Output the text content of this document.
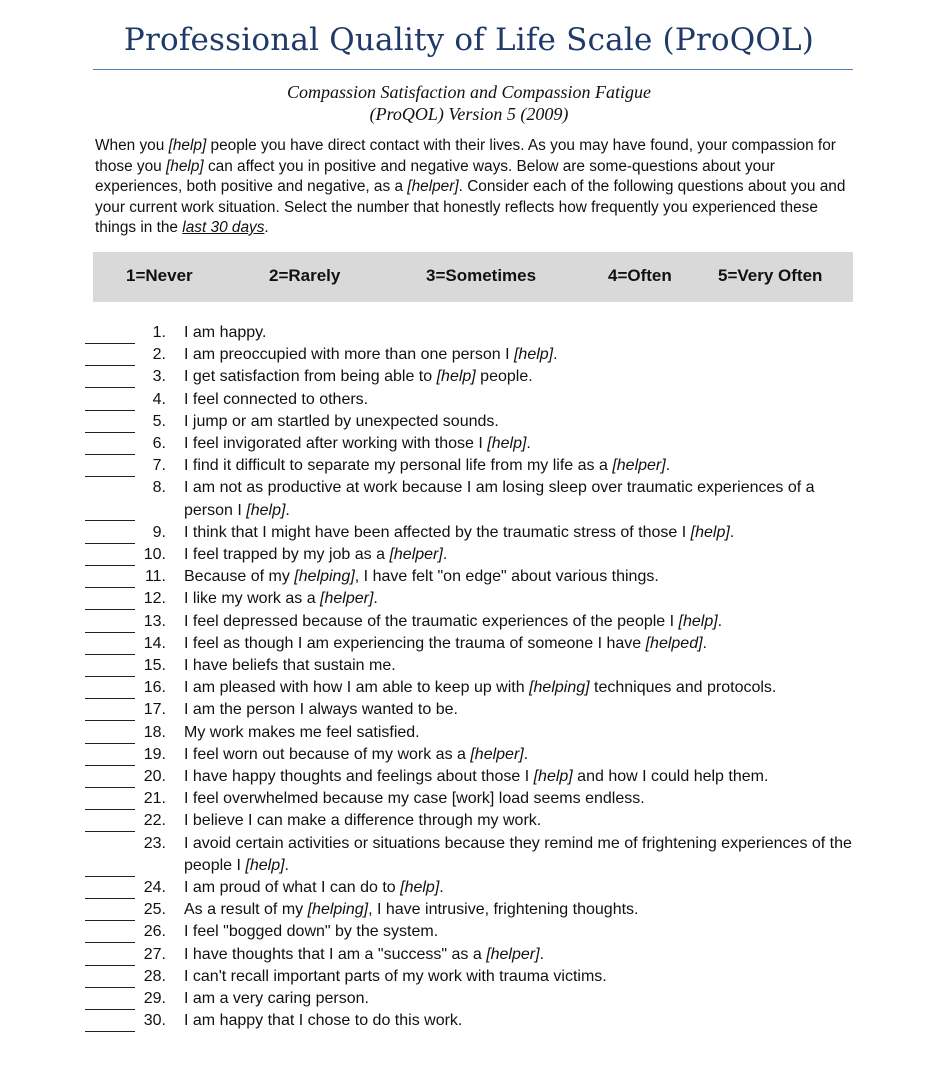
Professional Quality of Life Scale (ProQOL)
Compassion Satisfaction and Compassion Fatigue
(ProQOL) Version 5 (2009)
When you [help] people you have direct contact with their lives. As you may have found, your compassion for those you [help] can affect you in positive and negative ways. Below are some-questions about your experiences, both positive and negative, as a [helper]. Consider each of the following questions about you and your current work situation. Select the number that honestly reflects how frequently you experienced these things in the last 30 days.
1=Never	2=Rarely	3=Sometimes	4=Often	5=Very Often
1. I am happy.
2. I am preoccupied with more than one person I [help].
3. I get satisfaction from being able to [help] people.
4. I feel connected to others.
5. I jump or am startled by unexpected sounds.
6. I feel invigorated after working with those I [help].
7. I find it difficult to separate my personal life from my life as a [helper].
8. I am not as productive at work because I am losing sleep over traumatic experiences of a person I [help].
9. I think that I might have been affected by the traumatic stress of those I [help].
10. I feel trapped by my job as a [helper].
11. Because of my [helping], I have felt "on edge" about various things.
12. I like my work as a [helper].
13. I feel depressed because of the traumatic experiences of the people I [help].
14. I feel as though I am experiencing the trauma of someone I have [helped].
15. I have beliefs that sustain me.
16. I am pleased with how I am able to keep up with [helping] techniques and protocols.
17. I am the person I always wanted to be.
18. My work makes me feel satisfied.
19. I feel worn out because of my work as a [helper].
20. I have happy thoughts and feelings about those I [help] and how I could help them.
21. I feel overwhelmed because my case [work] load seems endless.
22. I believe I can make a difference through my work.
23. I avoid certain activities or situations because they remind me of frightening experiences of the people I [help].
24. I am proud of what I can do to [help].
25. As a result of my [helping], I have intrusive, frightening thoughts.
26. I feel "bogged down" by the system.
27. I have thoughts that I am a "success" as a [helper].
28. I can't recall important parts of my work with trauma victims.
29. I am a very caring person.
30. I am happy that I chose to do this work.
